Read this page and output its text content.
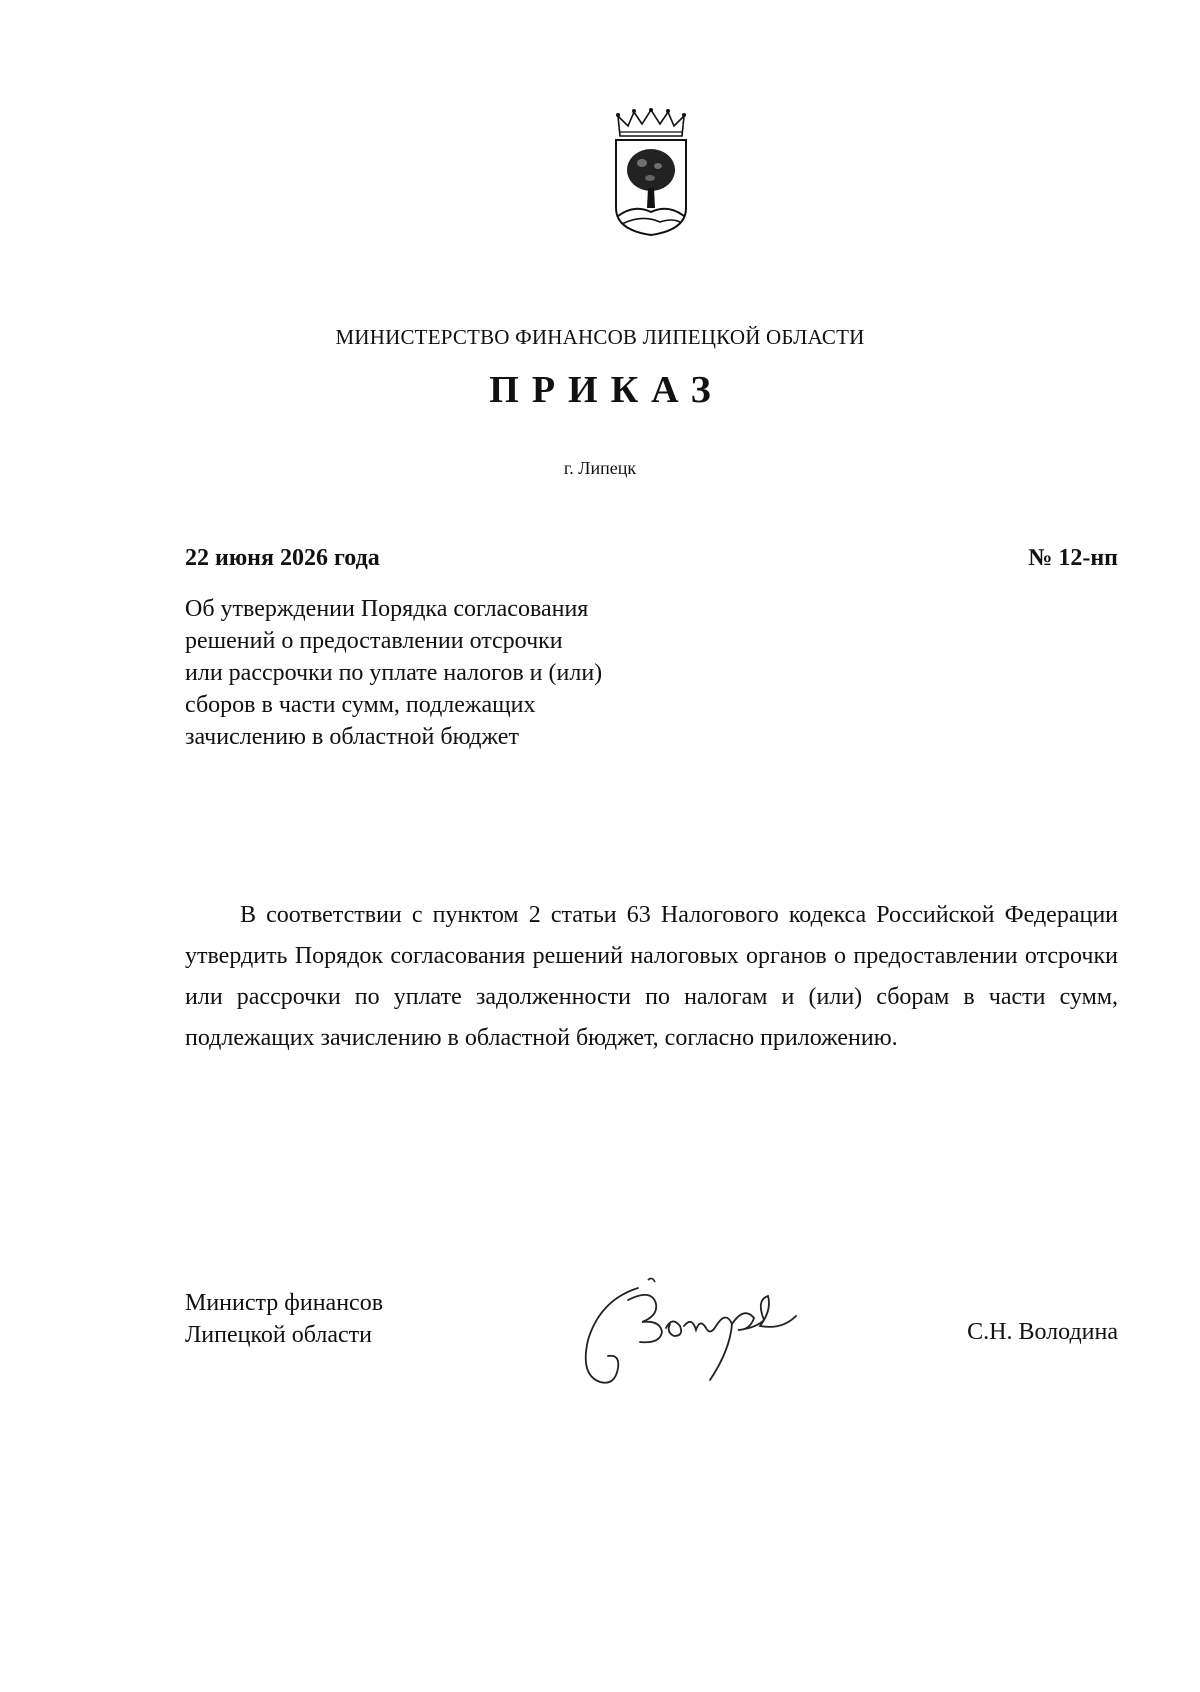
МИНИСТЕРСТВО ФИНАНСОВ ЛИПЕЦКОЙ ОБЛАСТИ
ПРИКАЗ
г. Липецк
22 июня 2026 года	№ 12-нп
Об утверждении Порядка согласования
решений о предоставлении отсрочки
или рассрочки по уплате налогов и (или)
сборов в части сумм, подлежащих
зачислению в областной бюджет
В соответствии с пунктом 2 статьи 63 Налогового кодекса Российской Федерации утвердить Порядок согласования решений налоговых органов о предоставлении отсрочки или рассрочки по уплате задолженности по налогам и (или) сборам в части сумм, подлежащих зачислению в областной бюджет, согласно приложению.
Министр финансов
Липецкой области	С.Н. Володина
